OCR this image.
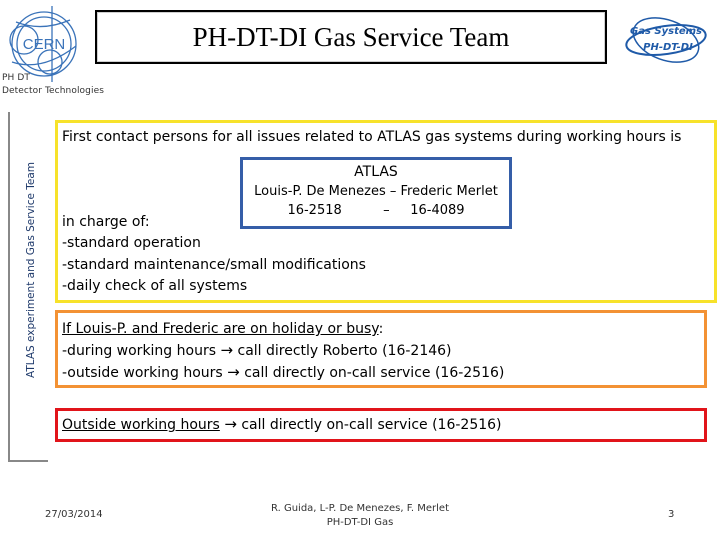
CERN
PH DT
Detector Technologies
PH-DT-DI Gas Service Team	Gas Systems
PH-DT-DI
ATLAS experiment and Gas Service Team
First contact persons for all issues related to ATLAS gas systems during working hours is
ATLAS
Louis-P. De Menezes – Frederic Merlet
16-2518          –     16-4089
in charge of:
-standard operation
-standard maintenance/small modifications
-daily check of all systems
If Louis-P. and Frederic are on holiday or busy:
-during working hours → call directly Roberto (16-2146)
-outside working hours → call directly on-call service (16-2516)
Outside working hours → call directly on-call service (16-2516)
27/03/2014
R. Guida, L-P. De Menezes, F. Merlet
PH-DT-DI Gas
3
